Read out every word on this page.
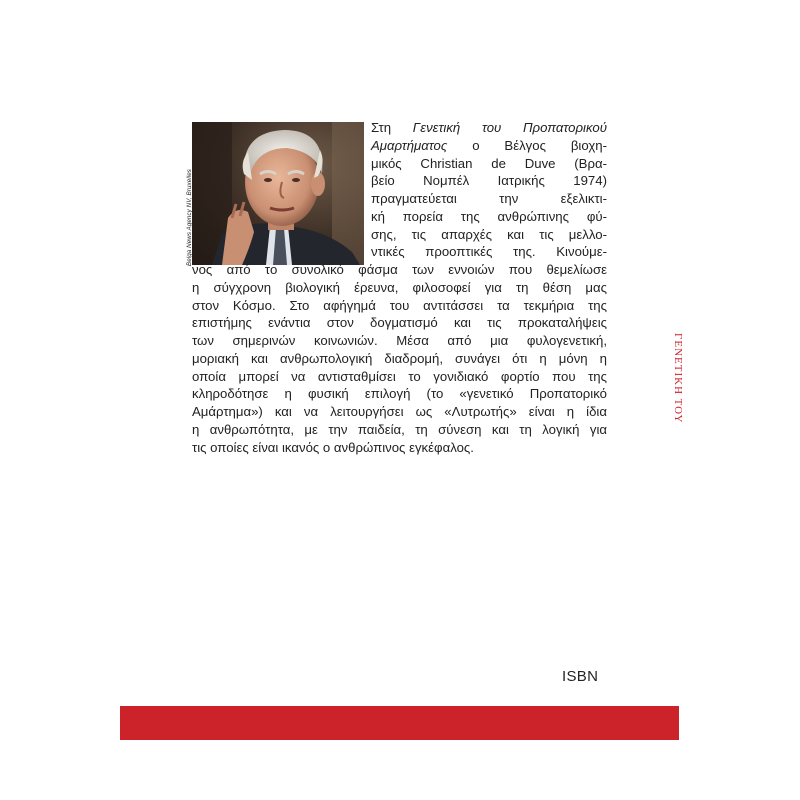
Belga News Agency NV, Bruxelles
Στη Γενετική του Προπατορικού
Αμαρτήματος ο Βέλγος βιοχη-
μικός Christian de Duve (Βρα-
βείο Νομπέλ Ιατρικής 1974)
πραγματεύεται την εξελικτι-
κή πορεία της ανθρώπινης φύ-
σης, τις απαρχές και τις μελλο-
ντικές προοπτικές της. Κινούμε-
νος από το συνολικό φάσμα των εννοιών που θεμελίωσε
η σύγχρονη βιολογική έρευνα, φιλοσοφεί για τη θέση μας
στον Κόσμο. Στο αφήγημά του αντιτάσσει τα τεκμήρια της
επιστήμης ενάντια στον δογματισμό και τις προκαταλήψεις
των σημερινών κοινωνιών. Μέσα από μια φυλογενετική,
μοριακή και ανθρωπολογική διαδρομή, συνάγει ότι η μόνη η
οποία μπορεί να αντισταθμίσει το γονιδιακό φορτίο που της
κληροδότησε η φυσική επιλογή (το «γενετικό Προπατορικό
Αμάρτημα») και να λειτουργήσει ως «Λυτρωτής» είναι η ίδια
η ανθρωπότητα, με την παιδεία, τη σύνεση και τη λογική για
τις οποίες είναι ικανός ο ανθρώπινος εγκέφαλος.
ISBN
ΓΕΝΕΤΙΚΗ ΤΟΥ
